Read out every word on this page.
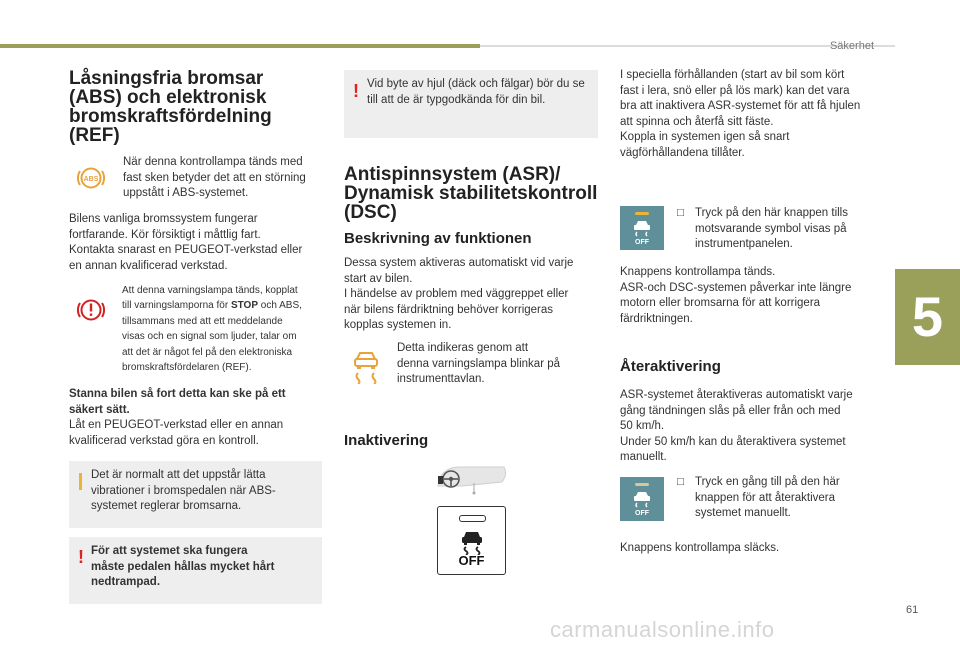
Säkerhet
5
61
Låsningsfria bromsar
(ABS) och elektronisk
bromskraftsfördelning
(REF)
ABS
När denna kontrollampa tänds med
fast sken betyder det att en störning
uppstått i ABS-systemet.
Bilens vanliga bromssystem fungerar
fortfarande. Kör försiktigt i måttlig fart.
Kontakta snarast en PEUGEOT-verkstad eller
en annan kvalificerad verkstad.
Att denna varningslampa tänds, kopplat
till varningslamporna för STOP och ABS,
tillsammans med att ett meddelande
visas och en signal som ljuder, talar om
att det är något fel på den elektroniska
bromskraftsfördelaren (REF).
Stanna bilen så fort detta kan ske på ett
säkert sätt.
Låt en PEUGEOT-verkstad eller en annan
kvalificerad verkstad göra en kontroll.
Det är normalt att det uppstår lätta
vibrationer i bromspedalen när ABS-
systemet reglerar bromsarna.
! För att systemet ska fungera
måste pedalen hållas mycket hårt
nedtrampad.
! Vid byte av hjul (däck och fälgar) bör du se
till att de är typgodkända för din bil.
Antispinnsystem (ASR)/
Dynamisk stabilitetskontroll
(DSC)
Beskrivning av funktionen
Dessa system aktiveras automatiskt vid varje
start av bilen.
I händelse av problem med väggreppet eller
när bilens färdriktning behöver korrigeras
kopplas systemen in.
Detta indikeras genom att
denna varningslampa blinkar på
instrumenttavlan.
Inaktivering
OFF
I speciella förhållanden (start av bil som kört
fast i lera, snö eller på lös mark) kan det vara
bra att inaktivera ASR-systemet för att få hjulen
att spinna och återfå sitt fäste.
Koppla in systemen igen så snart
vägförhållandena tillåter.
OFF
□ Tryck på den här knappen tills
motsvarande symbol visas på
instrumentpanelen.
Knappens kontrollampa tänds.
ASR-och DSC-systemen påverkar inte längre
motorn eller bromsarna för att korrigera
färdriktningen.
Återaktivering
ASR-systemet återaktiveras automatiskt varje
gång tändningen slås på eller från och med
50 km/h.
Under 50 km/h kan du återaktivera systemet
manuellt.
OFF
□ Tryck en gång till på den här
knappen för att återaktivera
systemet manuellt.
Knappens kontrollampa släcks.
carmanualsonline.info
